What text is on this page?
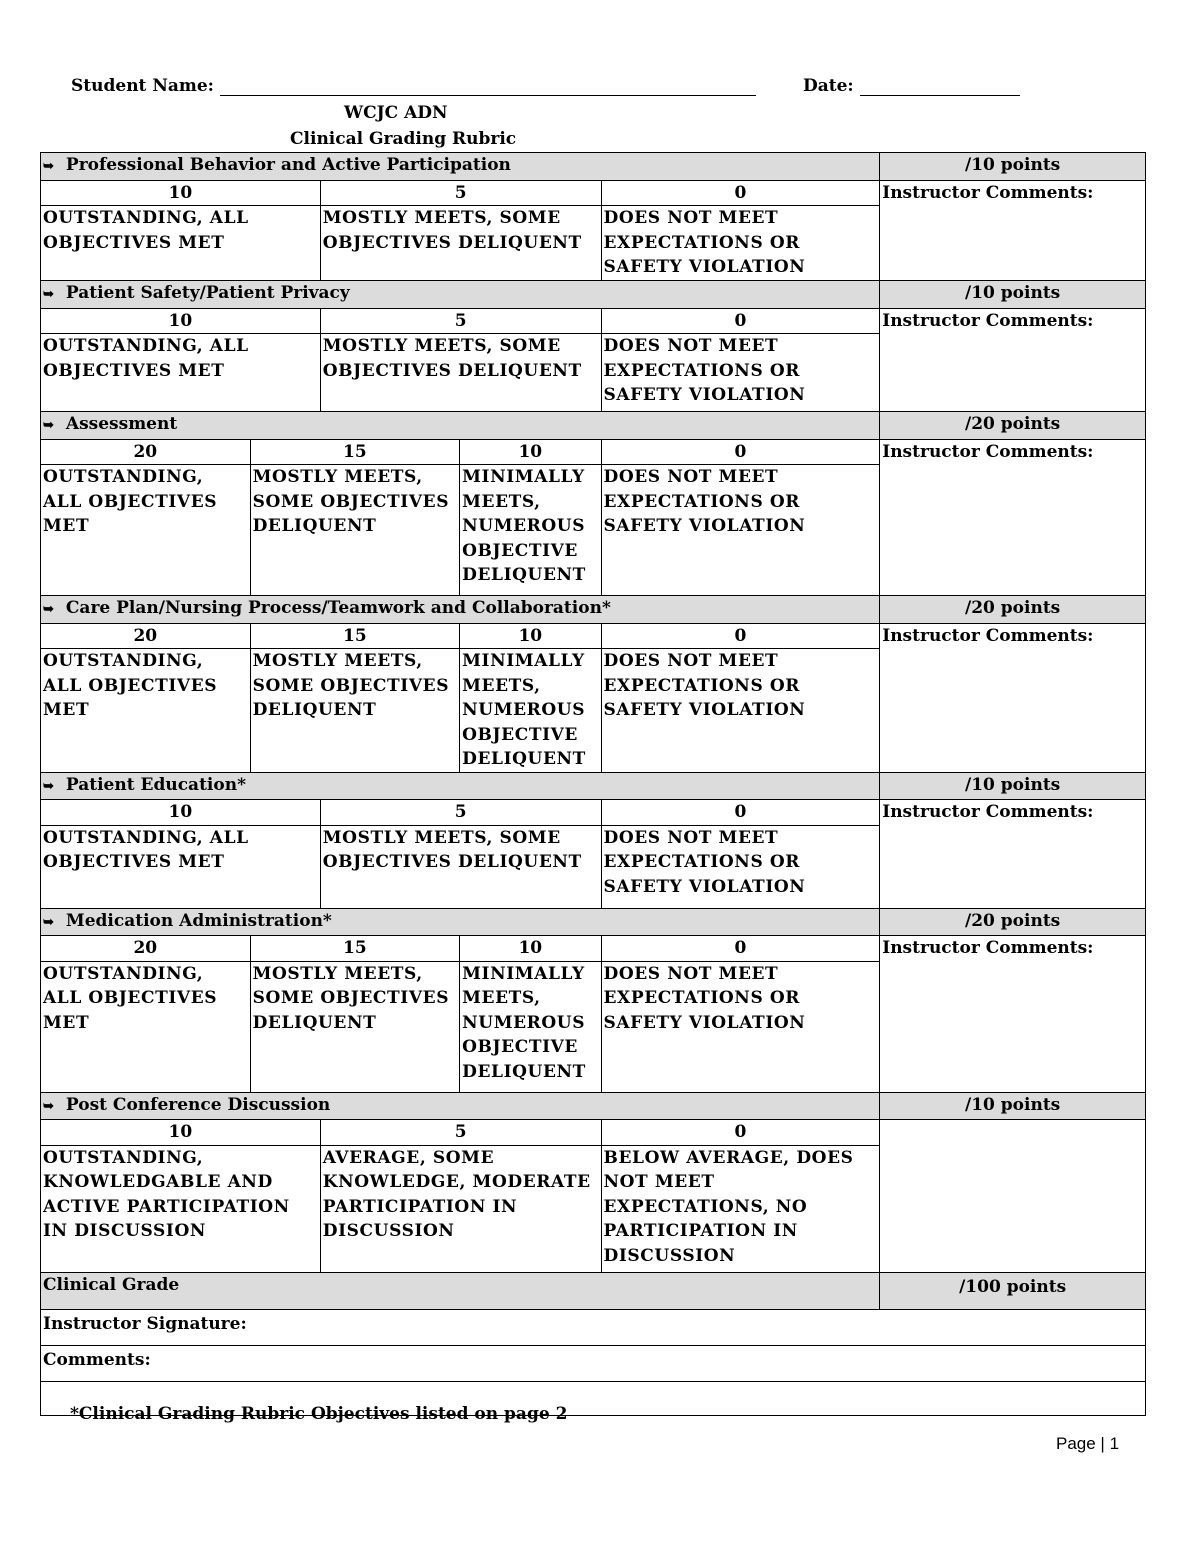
Student Name:	Date:
WCJC ADN
Clinical Grading Rubric
➥ Professional Behavior and Active Participation					/10 points
10		5		0	Instructor Comments:
OUTSTANDING, ALL OBJECTIVES MET		MOSTLY MEETS, SOME OBJECTIVES DELIQUENT		DOES NOT MEET EXPECTATIONS OR SAFETY VIOLATION	
➥ Patient Safety/Patient Privacy					/10 points
10		5		0	Instructor Comments:
OUTSTANDING, ALL OBJECTIVES MET		MOSTLY MEETS, SOME OBJECTIVES DELIQUENT		DOES NOT MEET EXPECTATIONS OR SAFETY VIOLATION	
➥ Assessment					/20 points
20	15		10	0	Instructor Comments:
OUTSTANDING, ALL OBJECTIVES MET	MOSTLY MEETS, SOME OBJECTIVES DELIQUENT		MINIMALLY MEETS, NUMEROUS OBJECTIVE DELIQUENT	DOES NOT MEET EXPECTATIONS OR SAFETY VIOLATION	
➥ Care Plan/Nursing Process/Teamwork and Collaboration*					/20 points
20	15		10	0	Instructor Comments:
OUTSTANDING, ALL OBJECTIVES MET	MOSTLY MEETS, SOME OBJECTIVES DELIQUENT		MINIMALLY MEETS, NUMEROUS OBJECTIVE DELIQUENT	DOES NOT MEET EXPECTATIONS OR SAFETY VIOLATION	
➥ Patient Education*					/10 points
10		5		0	Instructor Comments:
OUTSTANDING, ALL OBJECTIVES MET		MOSTLY MEETS, SOME OBJECTIVES DELIQUENT		DOES NOT MEET EXPECTATIONS OR SAFETY VIOLATION	
➥ Medication Administration*					/20 points
20	15		10	0	Instructor Comments:
OUTSTANDING, ALL OBJECTIVES MET	MOSTLY MEETS, SOME OBJECTIVES DELIQUENT		MINIMALLY MEETS, NUMEROUS OBJECTIVE DELIQUENT	DOES NOT MEET EXPECTATIONS OR SAFETY VIOLATION	
➥ Post Conference Discussion					/10 points
10		5		0	
OUTSTANDING, KNOWLEDGABLE AND ACTIVE PARTICIPATION IN DISCUSSION		AVERAGE, SOME KNOWLEDGE, MODERATE PARTICIPATION IN DISCUSSION		BELOW AVERAGE, DOES NOT MEET EXPECTATIONS, NO PARTICIPATION IN DISCUSSION	
Clinical Grade					/100 points
Instructor Signature:					
Comments:					

*Clinical Grading Rubric Objectives listed on page 2
Page | 1
